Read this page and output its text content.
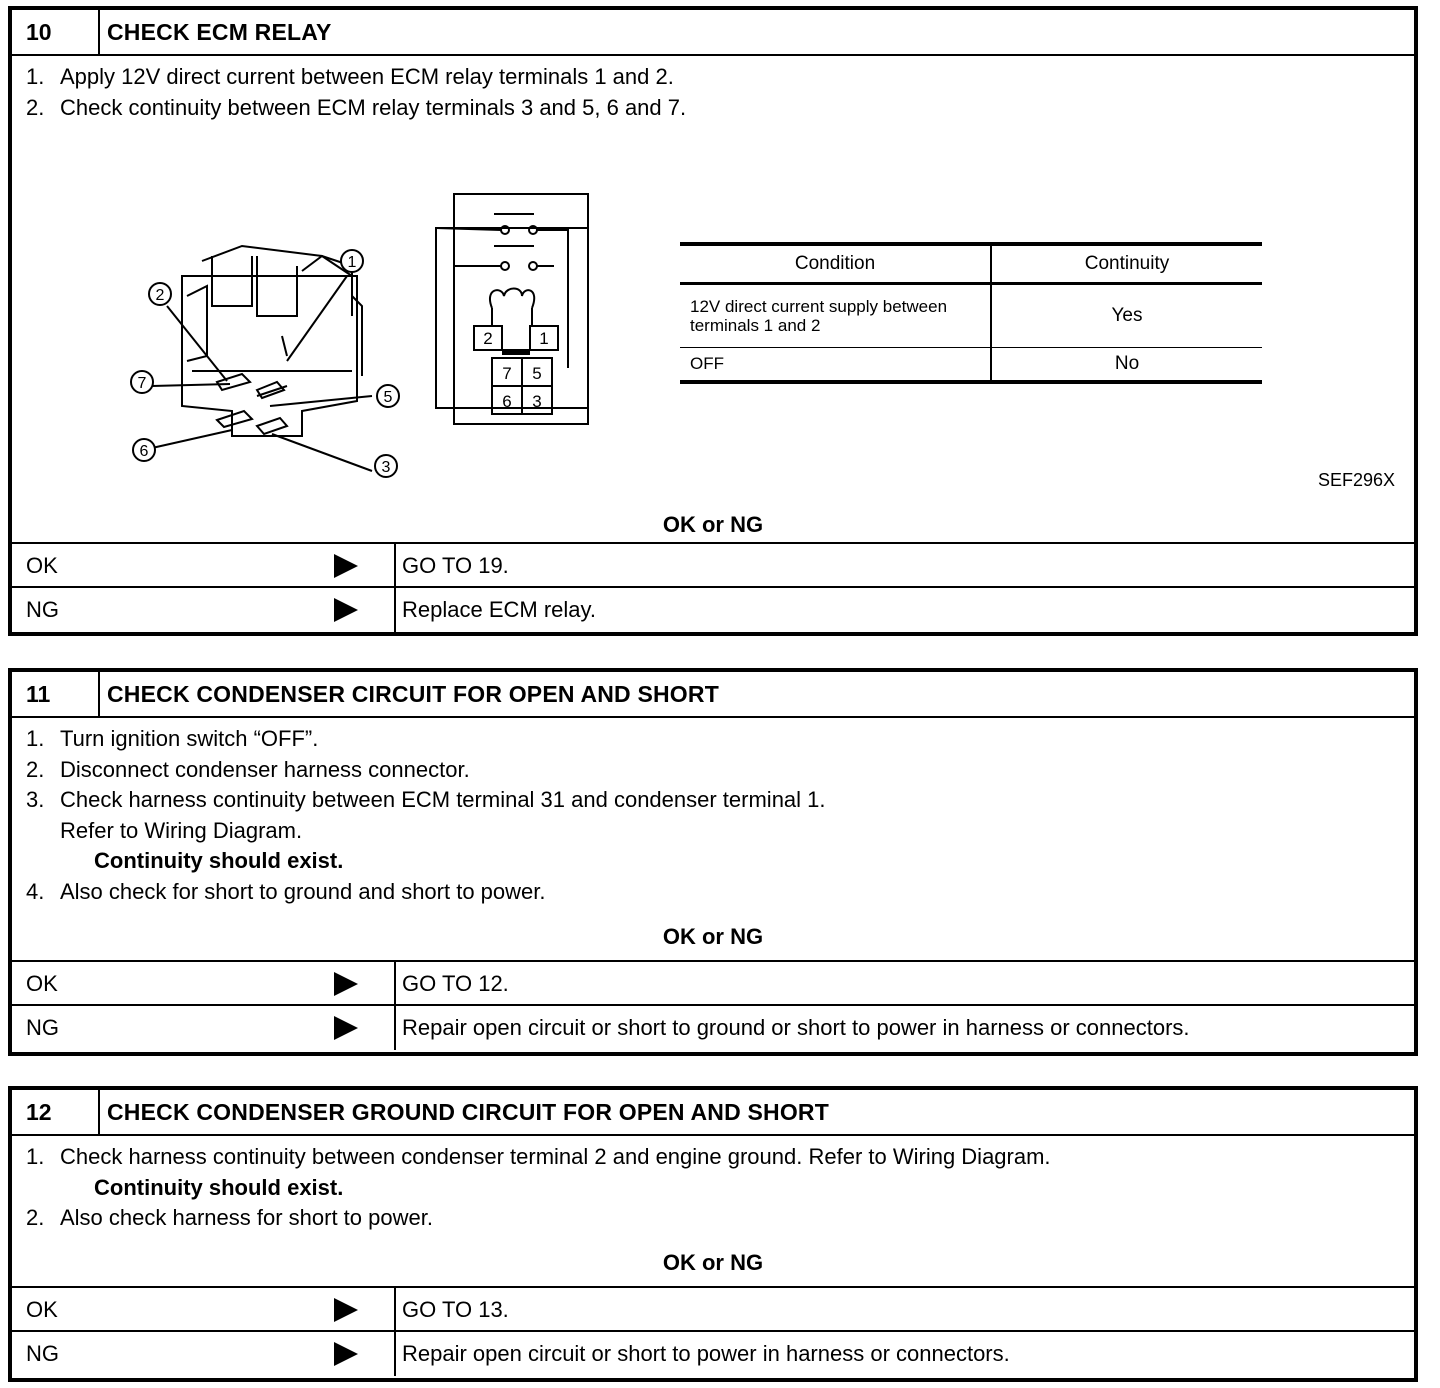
10	CHECK ECM RELAY
1. Apply 12V direct current between ECM relay terminals 1 and 2.
2. Check continuity between ECM relay terminals 3 and 5, 6 and 7.
1
2
3
5
6
7
2	1
7 5
6 3
Condition	Continuity
12V direct current supply between terminals 1 and 2	Yes
OFF	No
SEF296X
OK or NG
OK	GO TO 19.
NG	Replace ECM relay.
11	CHECK CONDENSER CIRCUIT FOR OPEN AND SHORT
1. Turn ignition switch “OFF”.
2. Disconnect condenser harness connector.
3. Check harness continuity between ECM terminal 31 and condenser terminal 1.
Refer to Wiring Diagram.
Continuity should exist.
4. Also check for short to ground and short to power.
OK or NG
OK	GO TO 12.
NG	Repair open circuit or short to ground or short to power in harness or connectors.
12	CHECK CONDENSER GROUND CIRCUIT FOR OPEN AND SHORT
1. Check harness continuity between condenser terminal 2 and engine ground. Refer to Wiring Diagram.
Continuity should exist.
2. Also check harness for short to power.
OK or NG
OK	GO TO 13.
NG	Repair open circuit or short to power in harness or connectors.
